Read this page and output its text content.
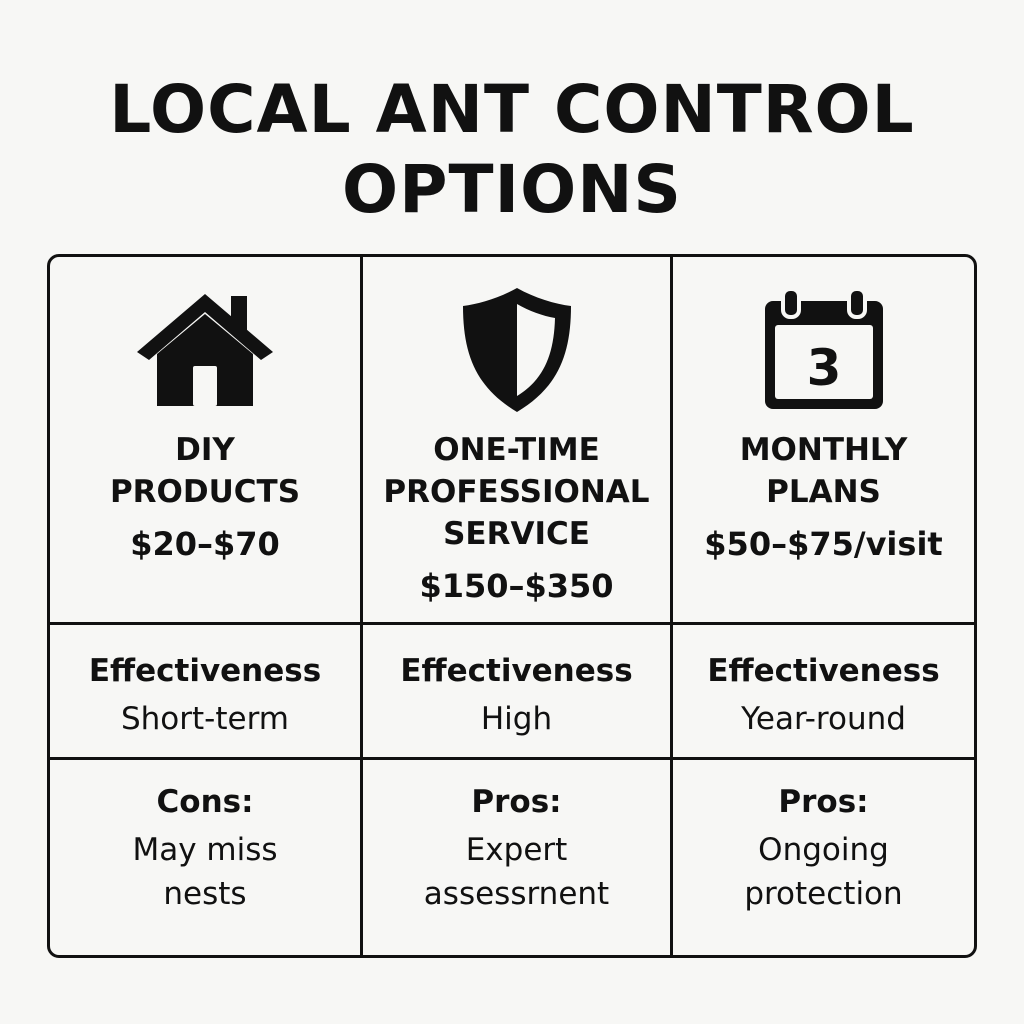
LOCAL ANT CONTROL
OPTIONS
DIY
PRODUCTS
$20–$70
ONE-TIME
PROFESSIONAL
SERVICE
$150–$350
3
MONTHLY
PLANS
$50–$75/visit
Effectiveness
Short-term
Effectiveness
High
Effectiveness
Year-round
Cons:
May miss
nests
Pros:
Expert
assessrnent
Pros:
Ongoing
protection
